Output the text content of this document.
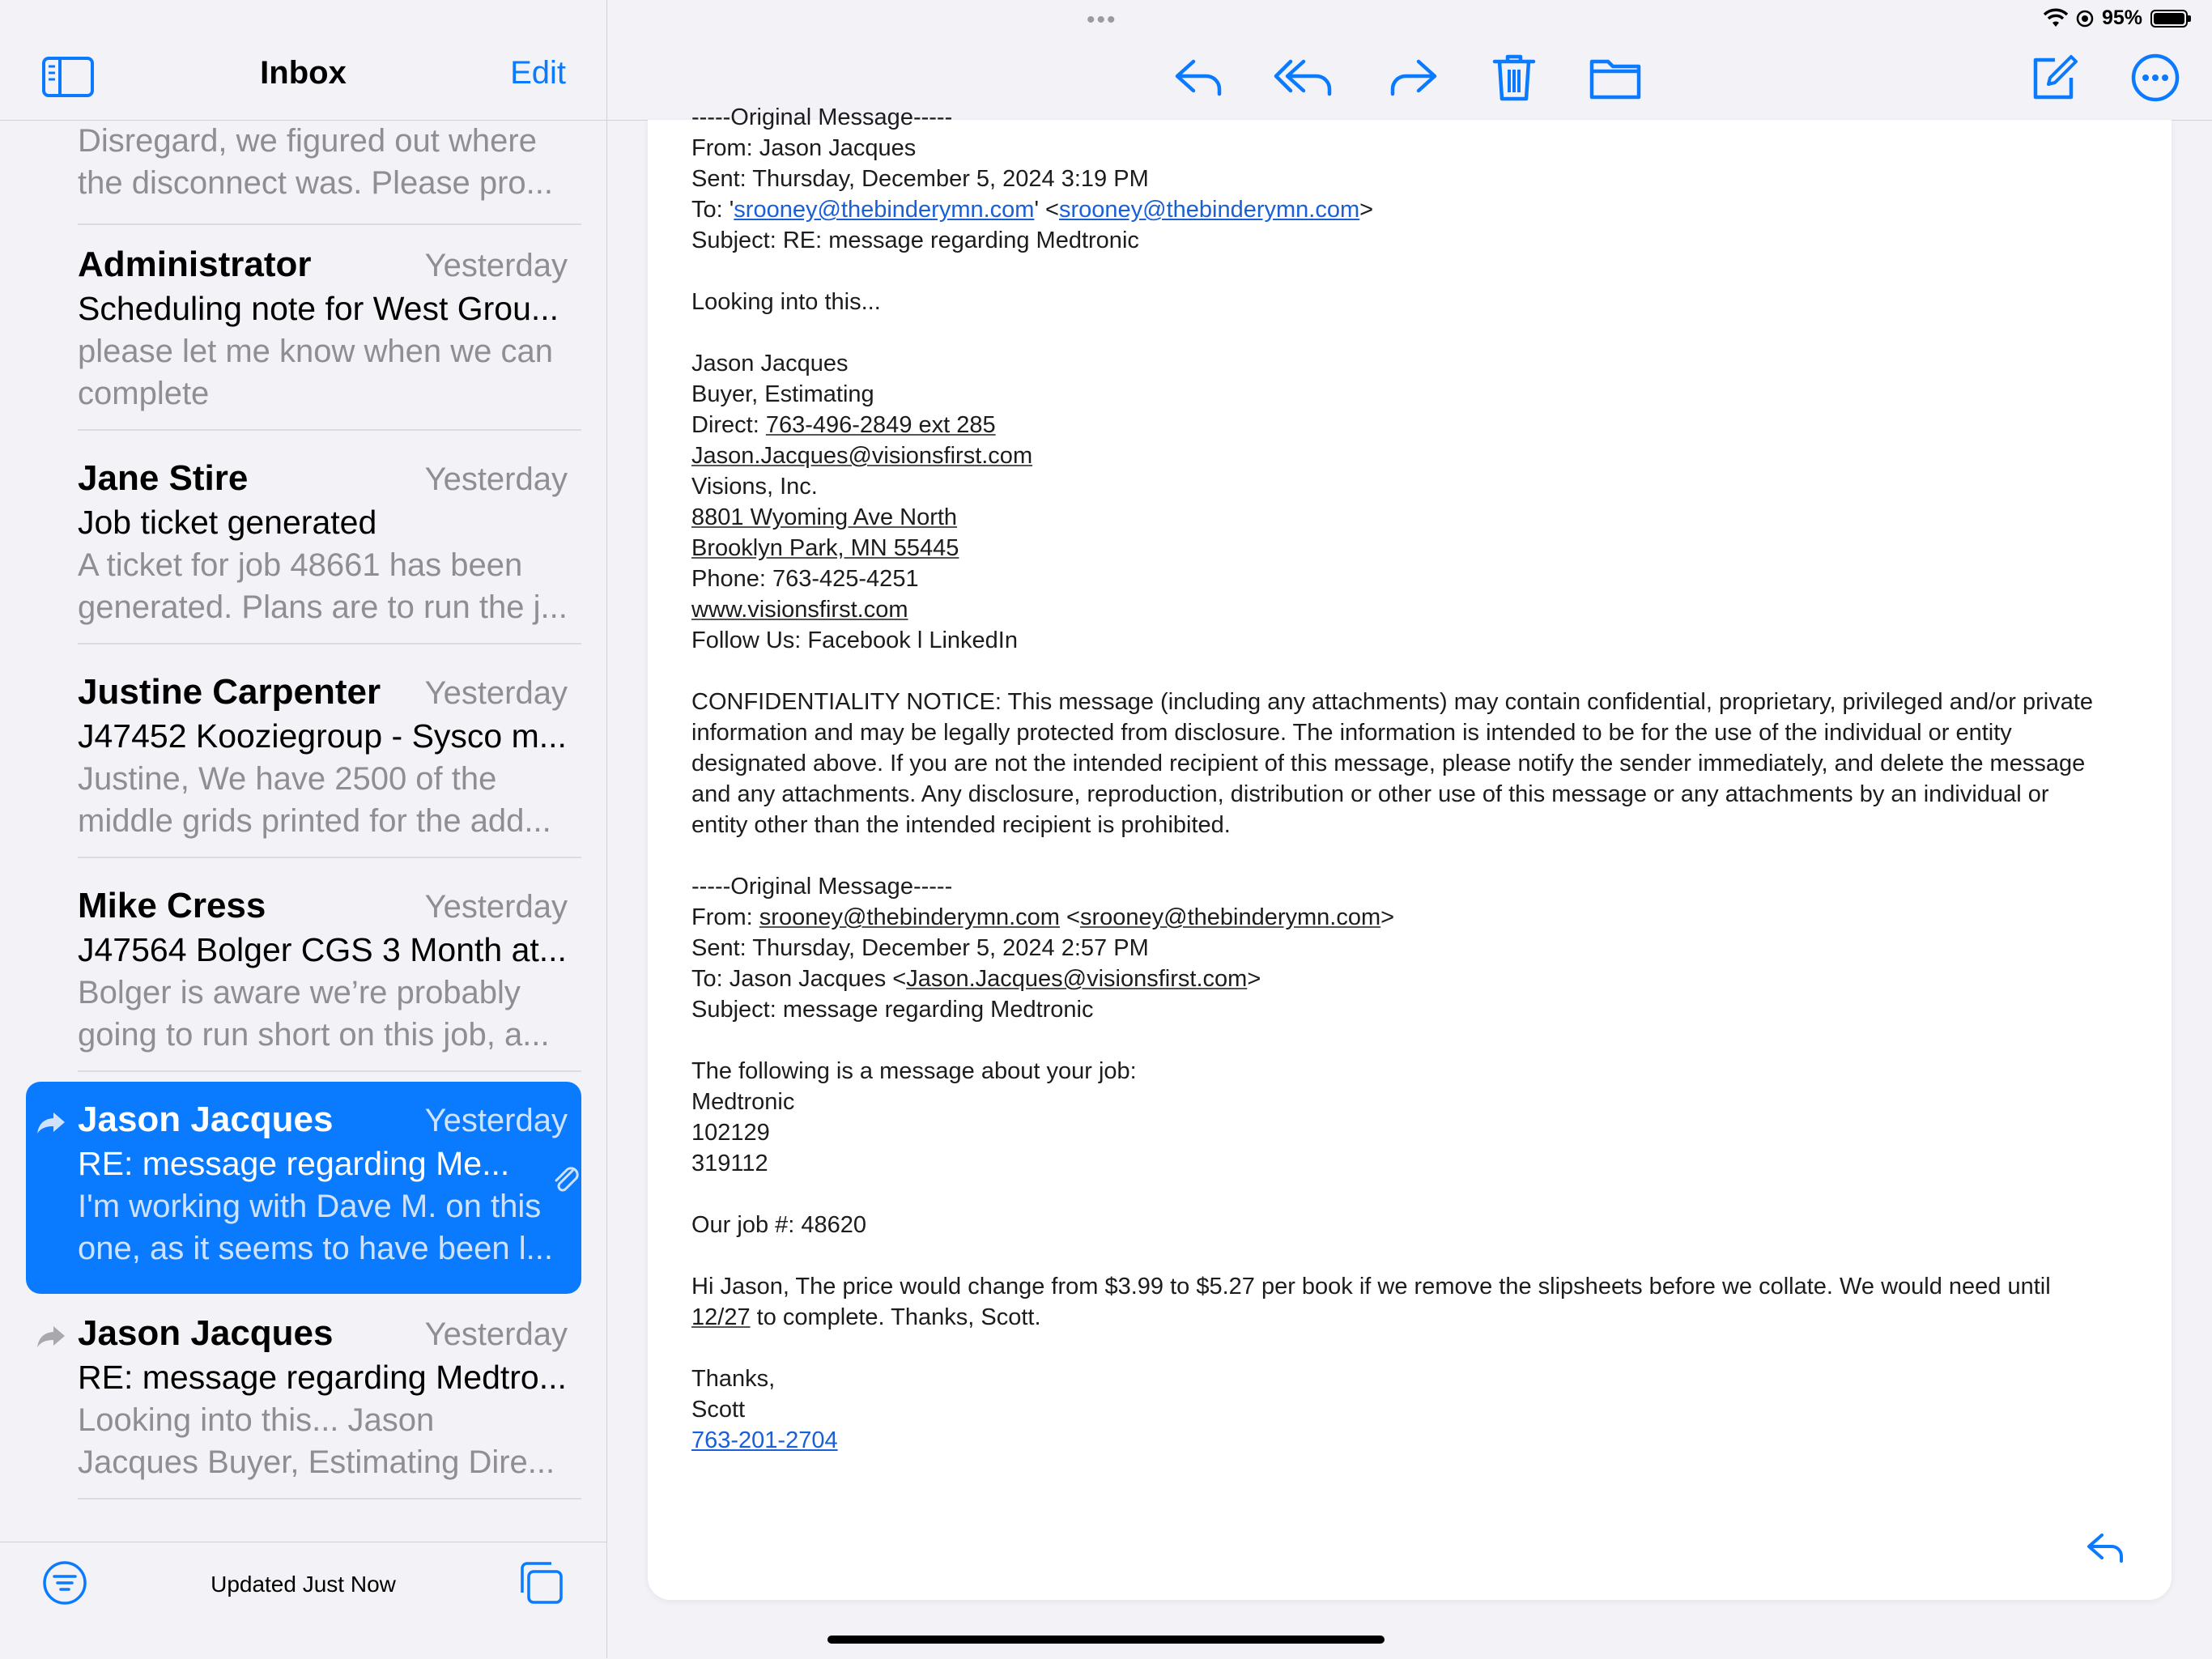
•••	95%
Inbox	Edit
Disregard, we figured out where
the disconnect was. Please pro...
Administrator	Yesterday
Scheduling note for West Grou...
please let me know when we can
complete
Jane Stire	Yesterday
Job ticket generated
A ticket for job 48661 has been
generated. Plans are to run the j...
Justine Carpenter Yesterday
J47452 Kooziegroup - Sysco m...
Justine, We have 2500 of the
middle grids printed for the add...
Mike Cress	Yesterday
J47564 Bolger CGS 3 Month at...
Bolger is aware we’re probably
going to run short on this job, a...
Jason Jacques	Yesterday
RE: message regarding Me...
I'm working with Dave M. on this
one, as it seems to have been l...
Jason Jacques	Yesterday
RE: message regarding Medtro...
Looking into this... Jason
Jacques Buyer, Estimating Dire...
Updated Just Now
-----Original Message-----
From: Jason Jacques
Sent: Thursday, December 5, 2024 3:19 PM
To: 'srooney@thebinderymn.com' <srooney@thebinderymn.com>
Subject: RE: message regarding Medtronic
Looking into this...
Jason Jacques
Buyer, Estimating
Direct: 763-496-2849 ext 285
Jason.Jacques@visionsfirst.com
Visions, Inc.
8801 Wyoming Ave North
Brooklyn Park, MN 55445
Phone: 763-425-4251
www.visionsfirst.com
Follow Us: Facebook l LinkedIn
CONFIDENTIALITY NOTICE: This message (including any attachments) may contain confidential, proprietary, privileged and/or private
information and may be legally protected from disclosure. The information is intended to be for the use of the individual or entity
designated above. If you are not the intended recipient of this message, please notify the sender immediately, and delete the message
and any attachments. Any disclosure, reproduction, distribution or other use of this message or any attachments by an individual or
entity other than the intended recipient is prohibited.
-----Original Message-----
From: srooney@thebinderymn.com <srooney@thebinderymn.com>
Sent: Thursday, December 5, 2024 2:57 PM
To: Jason Jacques <Jason.Jacques@visionsfirst.com>
Subject: message regarding Medtronic
The following is a message about your job:
Medtronic
102129
319112
Our job #: 48620
Hi Jason, The price would change from $3.99 to $5.27 per book if we remove the slipsheets before we collate. We would need until
12/27 to complete. Thanks, Scott.
Thanks,
Scott
763-201-2704
